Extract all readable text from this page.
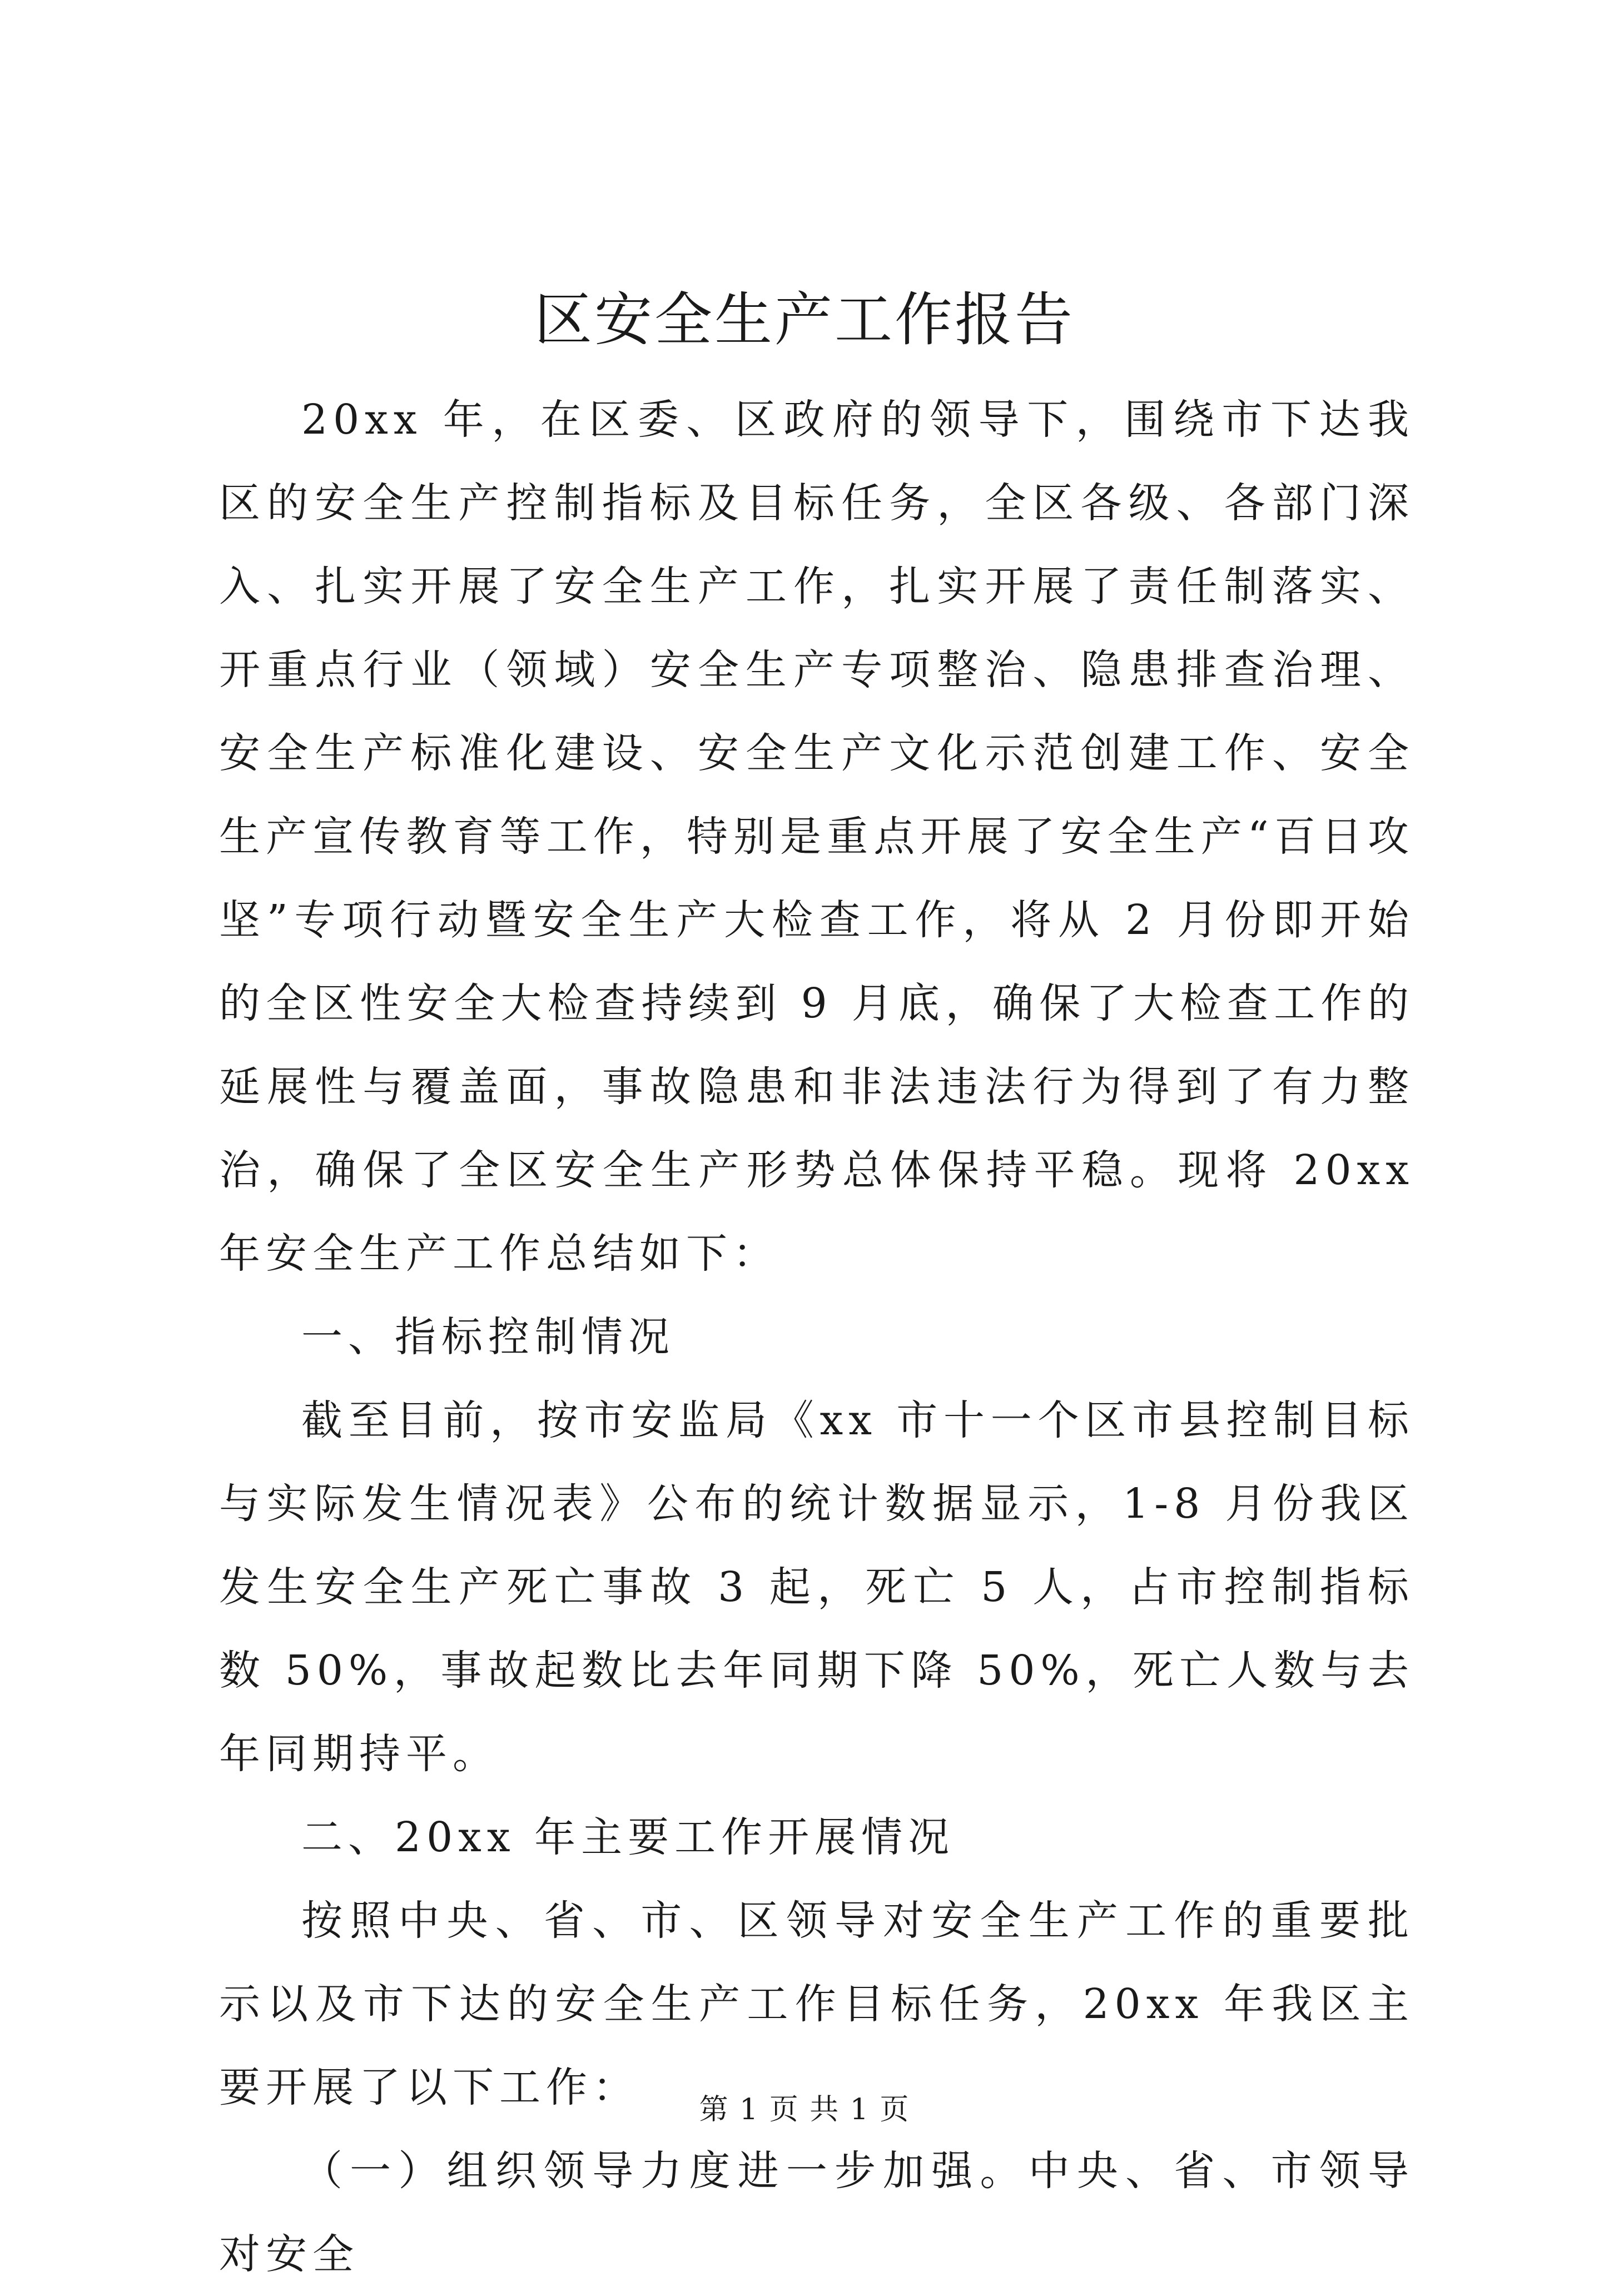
区安全生产工作报告

20xx 年，在区委、区政府的领导下，围绕市下达我区的安全生产控制指标及目标任务，全区各级、各部门深入、扎实开展了安全生产工作，扎实开展了责任制落实、开重点行业（领域）安全生产专项整治、隐患排查治理、安全生产标准化建设、安全生产文化示范创建工作、安全生产宣传教育等工作，特别是重点开展了安全生产“百日攻坚”专项行动暨安全生产大检查工作，将从 2 月份即开始的全区性安全大检查持续到 9 月底，确保了大检查工作的延展性与覆盖面，事故隐患和非法违法行为得到了有力整治，确保了全区安全生产形势总体保持平稳。现将 20xx 年安全生产工作总结如下：

一、指标控制情况

截至目前，按市安监局《xx 市十一个区市县控制目标与实际发生情况表》公布的统计数据显示，1-8 月份我区发生安全生产死亡事故 3 起，死亡 5 人，占市控制指标数 50%，事故起数比去年同期下降 50%，死亡人数与去年同期持平。

二、20xx 年主要工作开展情况

按照中央、省、市、区领导对安全生产工作的重要批示以及市下达的安全生产工作目标任务，20xx 年我区主要开展了以下工作：

（一）组织领导力度进一步加强。中央、省、市领导对安全

第 1 页 共 1 页
